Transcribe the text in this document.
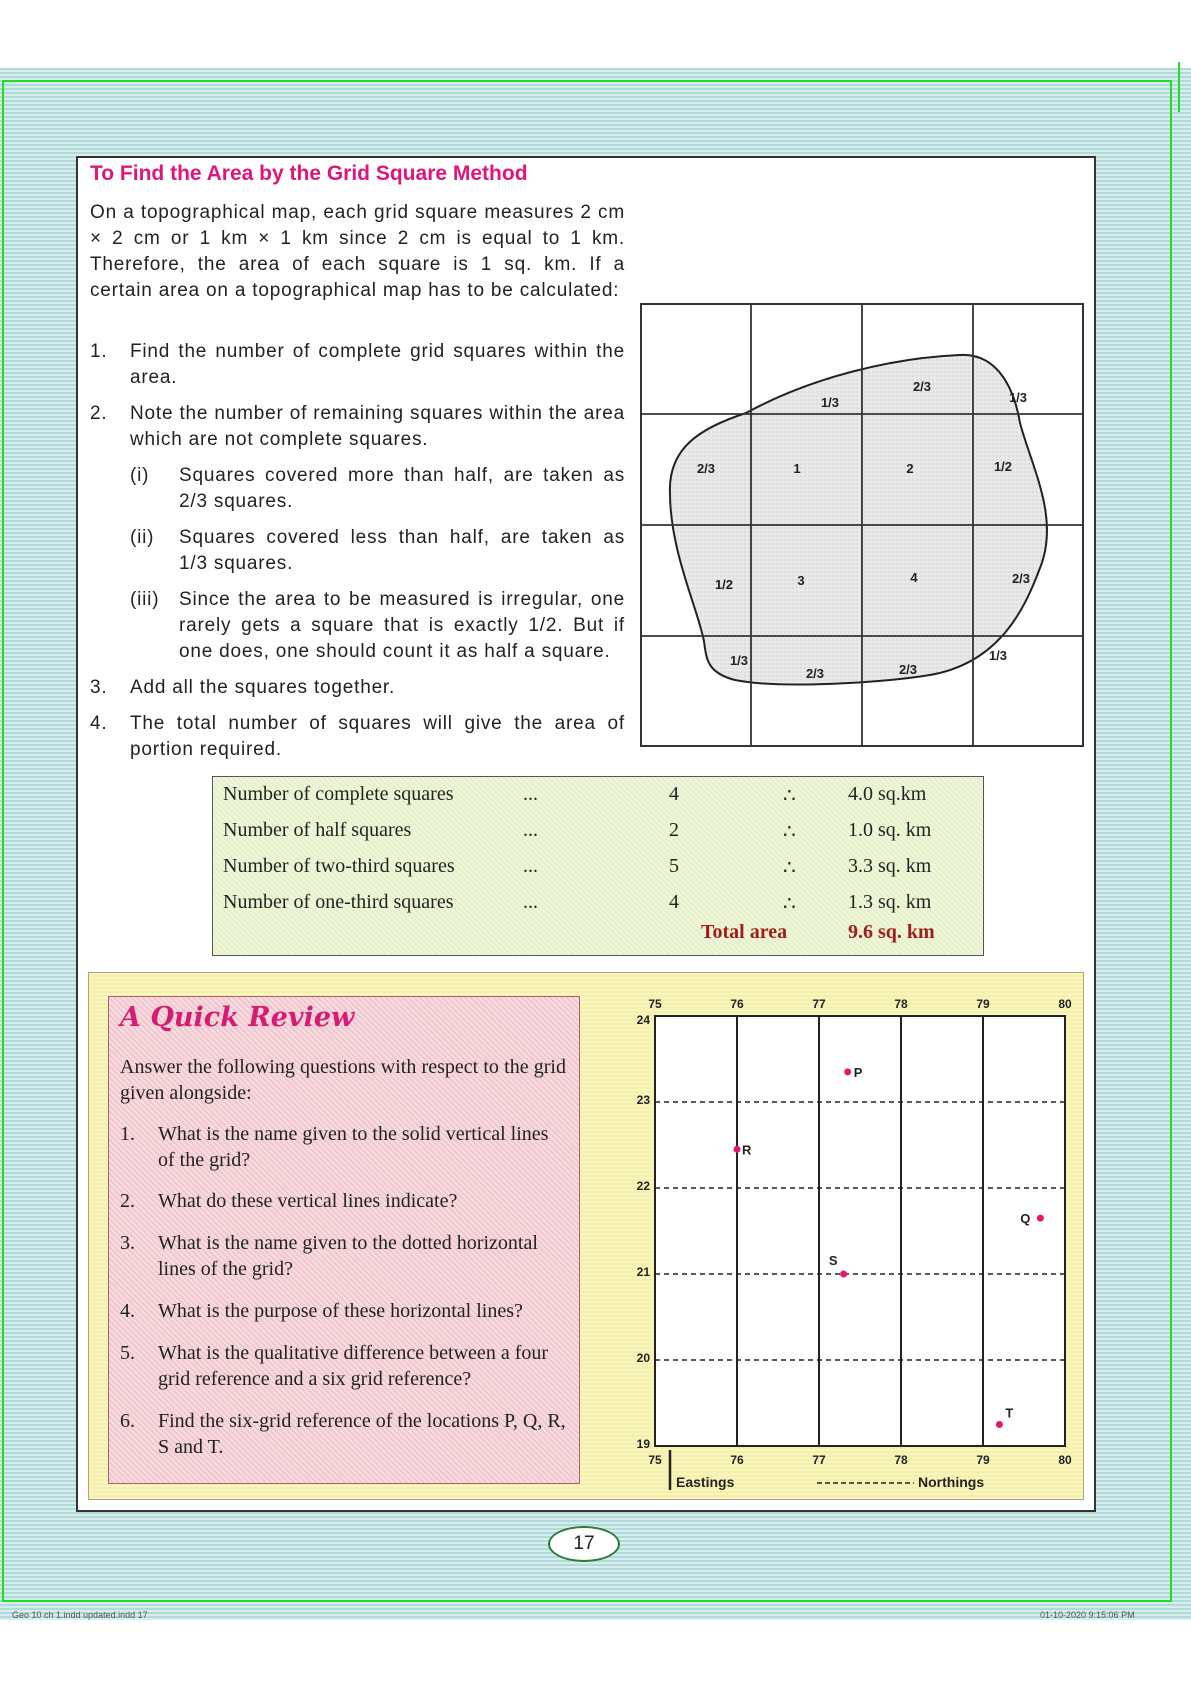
To Find the Area by the Grid Square Method
On a topographical map, each grid square measures 2 cm × 2 cm or 1 km × 1 km since 2 cm is equal to 1 km. Therefore, the area of each square is 1 sq. km. If a certain area on a topographical map has to be calculated:
1. Find the number of complete grid squares within the area.
2. Note the number of remaining squares within the area which are not complete squares.
(i) Squares covered more than half, are taken as 2/3 squares.
(ii) Squares covered less than half, are taken as 1/3 squares.
(iii) Since the area to be measured is irregular, one rarely gets a square that is exactly 1/2. But if one does, one should count it as half a square.
3. Add all the squares together.
4. The total number of squares will give the area of portion required.
1/3
2/3
1/3
2/3	1	2	1/2
1/2	3	4	2/3
1/3
2/3	2/3
1/3
Number of complete squares	...	4	∴	4.0 sq.km
Number of half squares	...	2	∴	1.0 sq. km
Number of two-third squares	...	5	∴	3.3 sq. km
Number of one-third squares	...	4	∴	1.3 sq. km
Total area	9.6 sq. km
A Quick Review
Answer the following questions with respect to the grid given alongside:
1. What is the name given to the solid vertical lines of the grid?
2. What do these vertical lines indicate?
3. What is the name given to the dotted horizontal lines of the grid?
4. What is the purpose of these horizontal lines?
5. What is the qualitative difference between a four grid reference and a six grid reference?
6. Find the six-grid reference of the locations P, Q, R, S and T.
75
75
76
76
77
77
78
78
79
79
80
80
24
23
22
21
20
19
P
R
Q
S
T
Eastings	Northings
17
Geo 10 ch 1.indd updated.indd 17	01-10-2020 9:15:06 PM
